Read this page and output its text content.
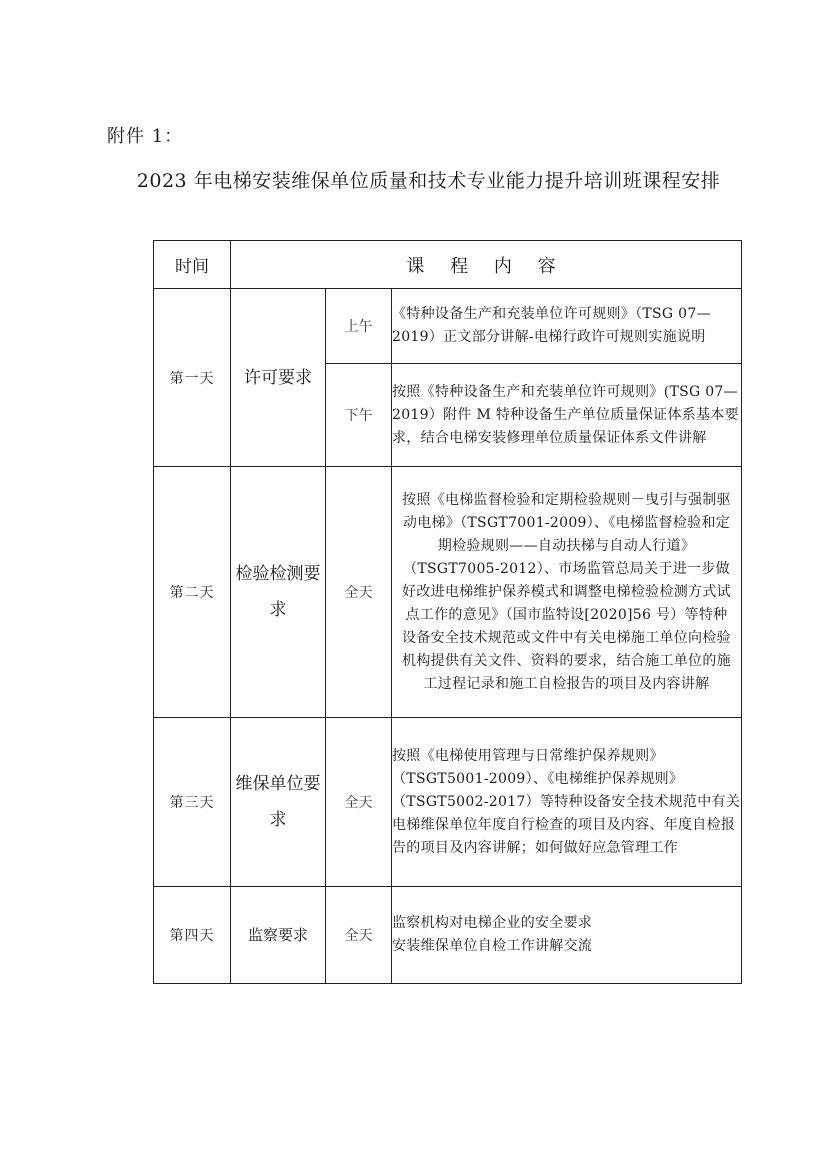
附件 1：
2023 年电梯安装维保单位质量和技术专业能力提升培训班课程安排
时间	课 程 内 容		
第一天	许可要求	上午	《特种设备生产和充装单位许可规则》（TSG 07—2019）正文部分讲解-电梯行政许可规则实施说明
		下午	按照《特种设备生产和充装单位许可规则》(TSG 07—2019）附件 M 特种设备生产单位质量保证体系基本要求，结合电梯安装修理单位质量保证体系文件讲解
第二天	检验检测要求	全天	按照《电梯监督检验和定期检验规则－曳引与强制驱动电梯》（TSGT7001-2009）、《电梯监督检验和定期检验规则——自动扶梯与自动人行道》（TSGT7005-2012）、市场监管总局关于进一步做好改进电梯维护保养模式和调整电梯检验检测方式试点工作的意见》（国市监特设[2020]56 号）等特种设备安全技术规范或文件中有关电梯施工单位向检验机构提供有关文件、资料的要求，结合施工单位的施工过程记录和施工自检报告的项目及内容讲解
第三天	维保单位要求	全天	按照《电梯使用管理与日常维护保养规则》（TSGT5001-2009）、《电梯维护保养规则》（TSGT5002-2017）等特种设备安全技术规范中有关电梯维保单位年度自行检查的项目及内容、年度自检报告的项目及内容讲解；如何做好应急管理工作
第四天	监察要求	全天	监察机构对电梯企业的安全要求
安装维保单位自检工作讲解交流
